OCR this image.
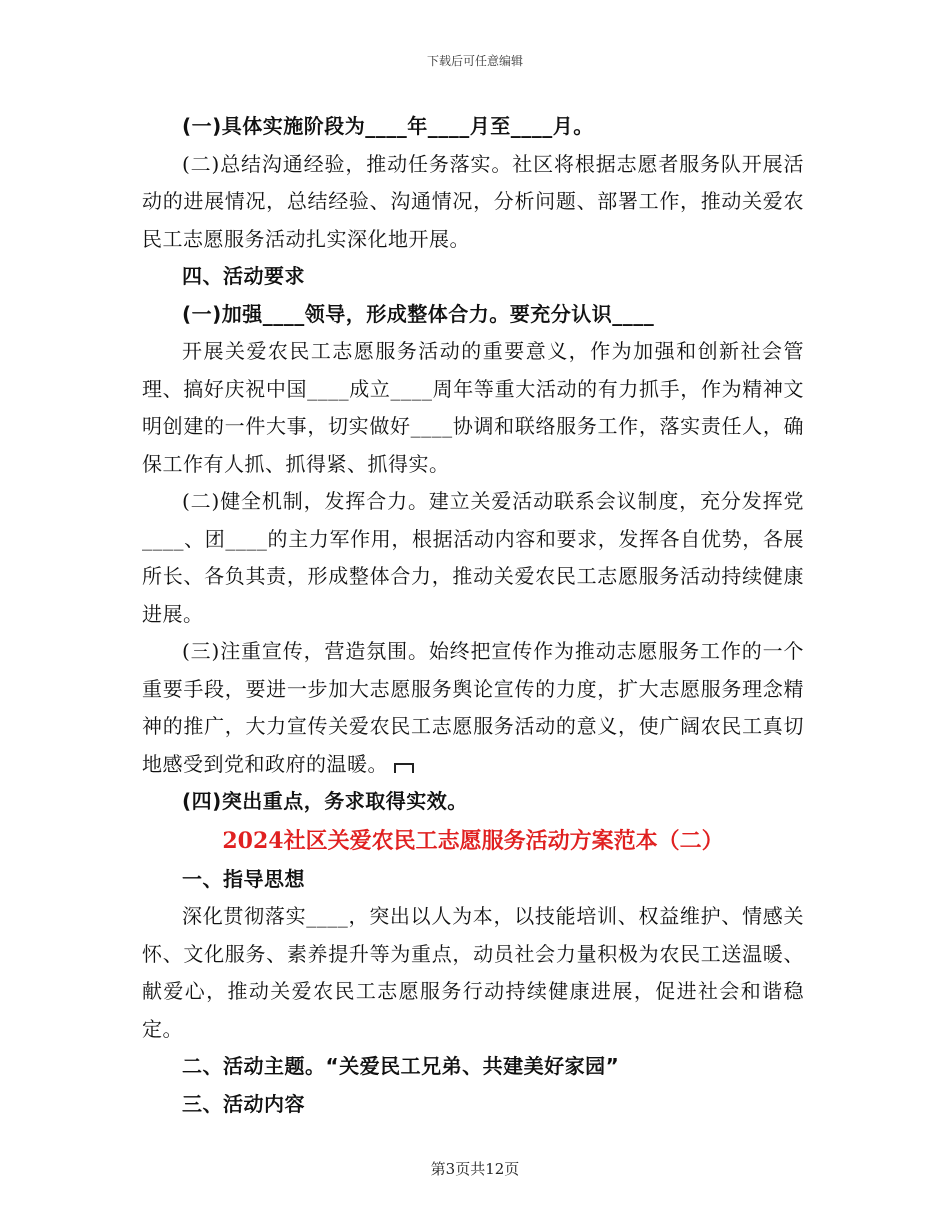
下载后可任意编辑

(一)具体实施阶段为____年____月至____月。

(二)总结沟通经验，推动任务落实。社区将根据志愿者服务队开展活动的进展情况，总结经验、沟通情况，分析问题、部署工作，推动关爱农民工志愿服务活动扎实深化地开展。

四、活动要求

(一)加强____领导，形成整体合力。要充分认识____

开展关爱农民工志愿服务活动的重要意义，作为加强和创新社会管理、搞好庆祝中国____成立____周年等重大活动的有力抓手，作为精神文明创建的一件大事，切实做好____协调和联络服务工作，落实责任人，确保工作有人抓、抓得紧、抓得实。

(二)健全机制，发挥合力。建立关爱活动联系会议制度，充分发挥党____、团____的主力军作用，根据活动内容和要求，发挥各自优势，各展所长、各负其责，形成整体合力，推动关爱农民工志愿服务活动持续健康进展。

(三)注重宣传，营造氛围。始终把宣传作为推动志愿服务工作的一个重要手段，要进一步加大志愿服务舆论宣传的力度，扩大志愿服务理念精神的推广，大力宣传关爱农民工志愿服务活动的意义，使广阔农民工真切地感受到党和政府的温暖。

(四)突出重点，务求取得实效。

2024社区关爱农民工志愿服务活动方案范本（二）

一、指导思想

深化贯彻落实____，突出以人为本，以技能培训、权益维护、情感关怀、文化服务、素养提升等为重点，动员社会力量积极为农民工送温暖、献爱心，推动关爱农民工志愿服务行动持续健康进展，促进社会和谐稳定。

二、活动主题。“关爱民工兄弟、共建美好家园”

三、活动内容

第3页共12页
